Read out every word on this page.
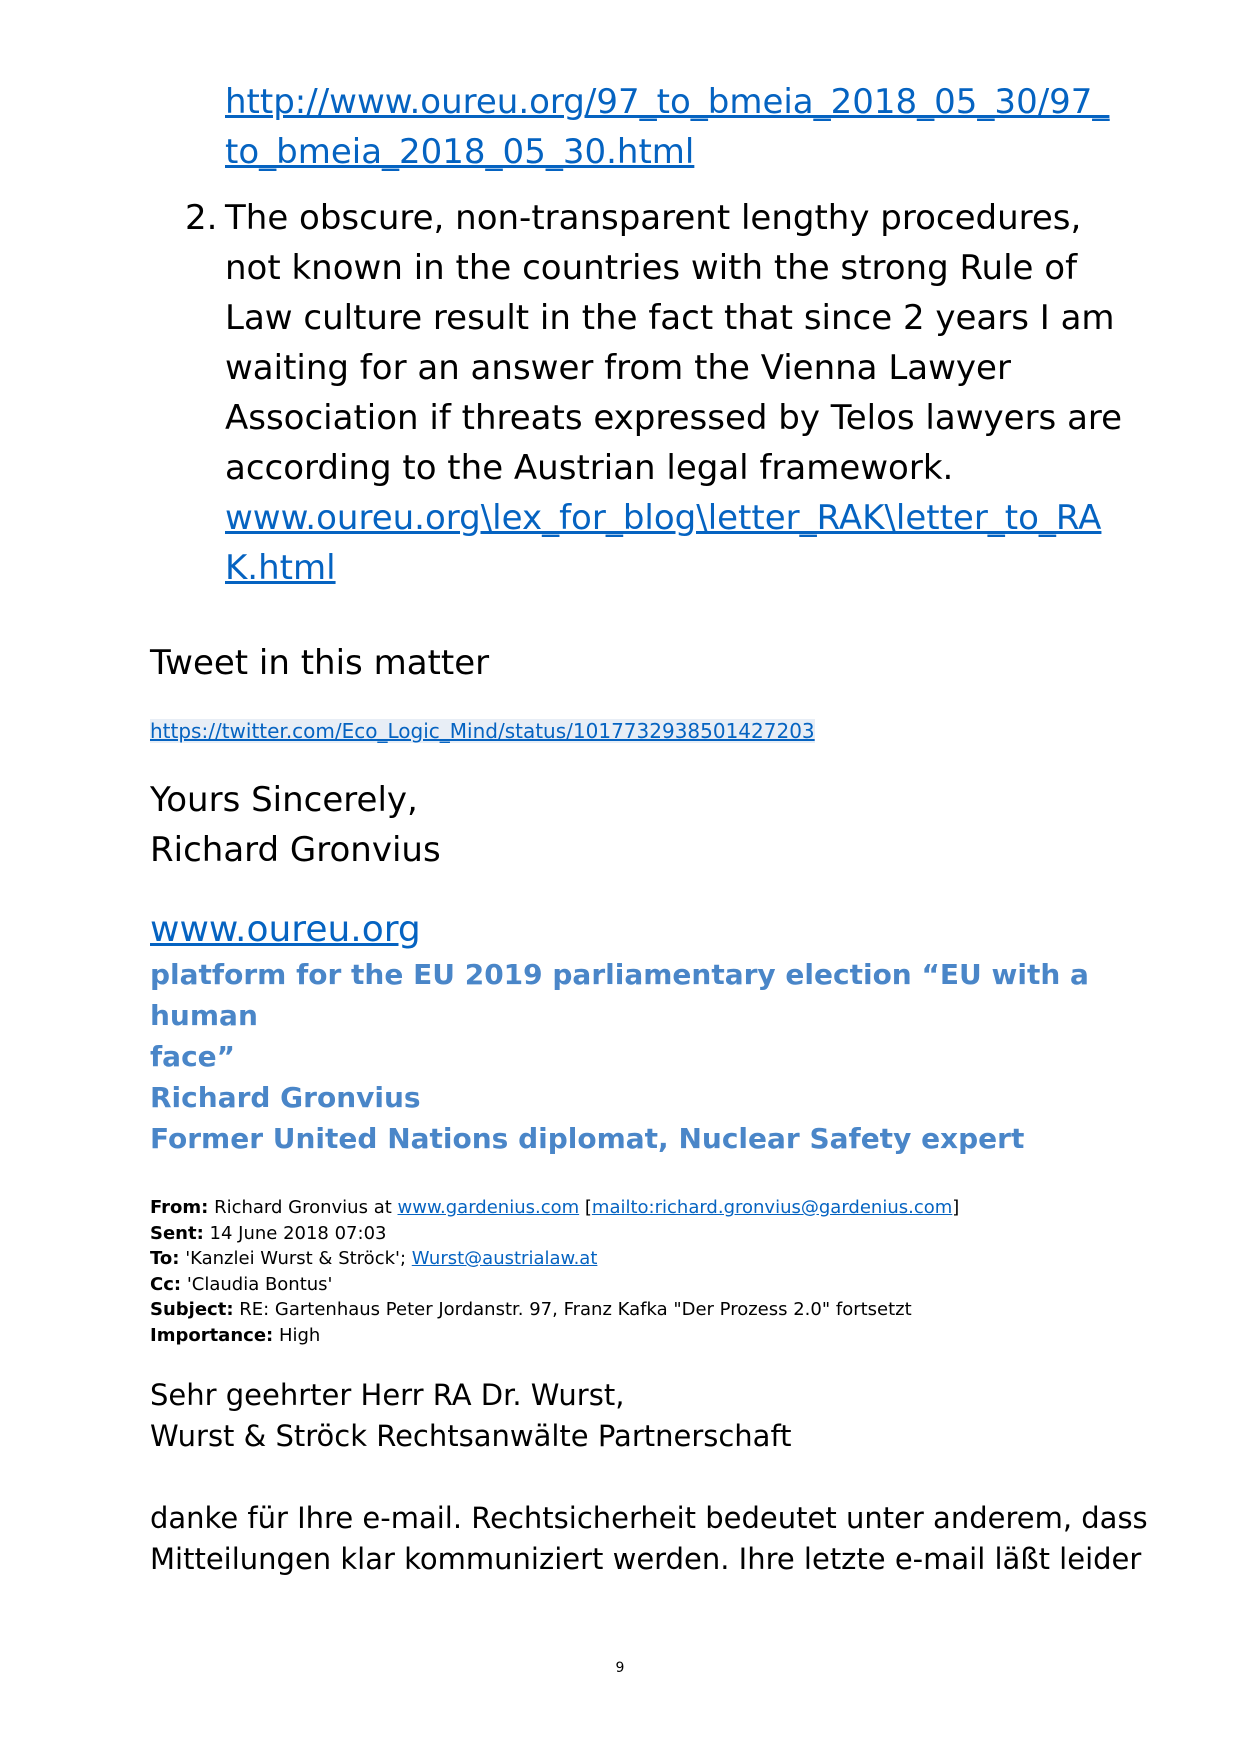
http://www.oureu.org/97_to_bmeia_2018_05_30/97_
to_bmeia_2018_05_30.html
2. The obscure, non-transparent lengthy procedures,
not known in the countries with the strong Rule of
Law culture result in the fact that since 2 years I am
waiting for an answer from the Vienna Lawyer
Association if threats expressed by Telos lawyers are
according to the Austrian legal framework.
www.oureu.org\lex_for_blog\letter_RAK\letter_to_RA
K.html
Tweet in this matter
https://twitter.com/Eco_Logic_Mind/status/1017732938501427203
Yours Sincerely,
Richard Gronvius
www.oureu.org
platform for the EU 2019 parliamentary election “EU with a human
face”
Richard Gronvius
Former United Nations diplomat, Nuclear Safety expert
From: Richard Gronvius at www.gardenius.com [mailto:richard.gronvius@gardenius.com]
Sent: 14 June 2018 07:03
To: 'Kanzlei Wurst & Ströck'; Wurst@austrialaw.at
Cc: 'Claudia Bontus'
Subject: RE: Gartenhaus Peter Jordanstr. 97, Franz Kafka "Der Prozess 2.0" fortsetzt
Importance: High
Sehr geehrter Herr RA Dr. Wurst,
Wurst & Ströck Rechtsanwälte Partnerschaft
danke für Ihre e-mail. Rechtsicherheit bedeutet unter anderem, dass
Mitteilungen klar kommuniziert werden. Ihre letzte e-mail läßt leider
9
